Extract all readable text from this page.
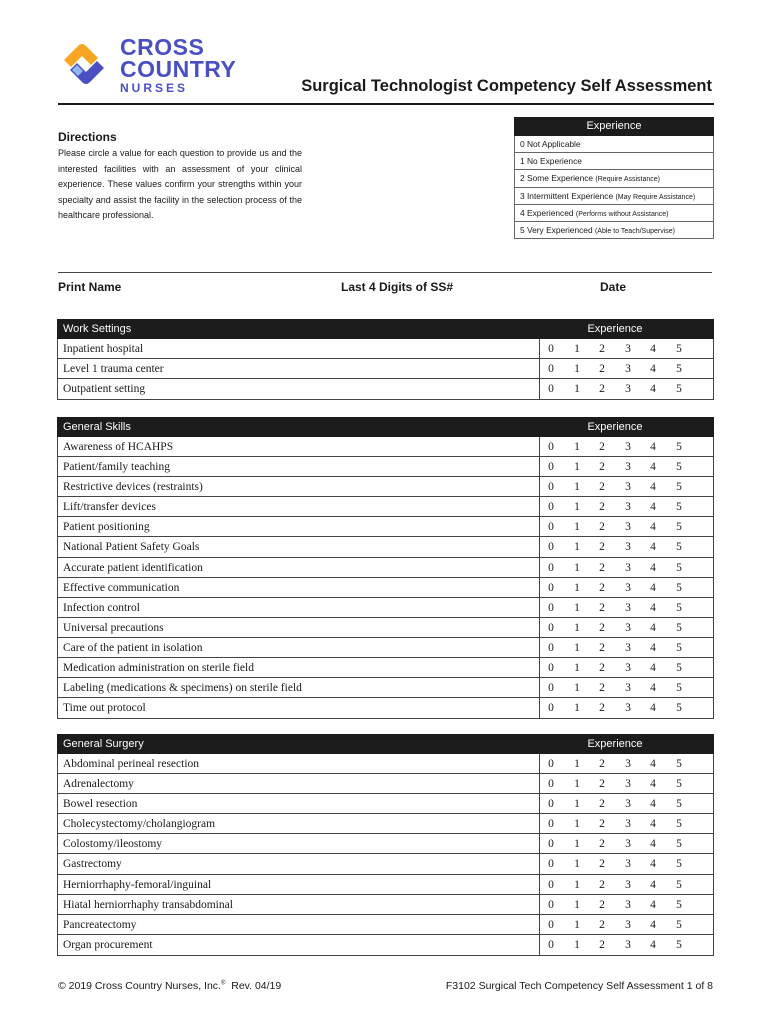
CROSS
COUNTRY
NURSES	Surgical Technologist Competency Self Assessment
Directions
Please circle a value for each question to provide us and the interested facilities with an assessment of your clinical experience. These values confirm your strengths within your specialty and assist the facility in the selection process of the healthcare professional.
Experience
0 Not Applicable
1 No Experience
2 Some Experience (Require Assistance)
3 Intermittent Experience (May Require Assistance)
4 Experienced (Performs without Assistance)
5 Very Experienced (Able to Teach/Supervise)
Print Name	Last 4 Digits of SS#	Date
Work Settings	Experience
Inpatient hospital	0	1	2	3	4	5
Level 1 trauma center	0	1	2	3	4	5
Outpatient setting	0	1	2	3	4	5
General Skills	Experience
Awareness of HCAHPS	0	1	2	3	4	5
Patient/family teaching	0	1	2	3	4	5
Restrictive devices (restraints)	0	1	2	3	4	5
Lift/transfer devices	0	1	2	3	4	5
Patient positioning	0	1	2	3	4	5
National Patient Safety Goals	0	1	2	3	4	5
Accurate patient identification	0	1	2	3	4	5
Effective communication	0	1	2	3	4	5
Infection control	0	1	2	3	4	5
Universal precautions	0	1	2	3	4	5
Care of the patient in isolation	0	1	2	3	4	5
Medication administration on sterile field	0	1	2	3	4	5
Labeling (medications & specimens) on sterile field	0	1	2	3	4	5
Time out protocol	0	1	2	3	4	5
General Surgery	Experience
Abdominal perineal resection	0	1	2	3	4	5
Adrenalectomy	0	1	2	3	4	5
Bowel resection	0	1	2	3	4	5
Cholecystectomy/cholangiogram	0	1	2	3	4	5
Colostomy/ileostomy	0	1	2	3	4	5
Gastrectomy	0	1	2	3	4	5
Herniorrhaphy-femoral/inguinal	0	1	2	3	4	5
Hiatal herniorrhaphy transabdominal	0	1	2	3	4	5
Pancreatectomy	0	1	2	3	4	5
Organ procurement	0	1	2	3	4	5
© 2019 Cross Country Nurses, Inc.® Rev. 04/19	F3102 Surgical Tech Competency Self Assessment 1 of 8
